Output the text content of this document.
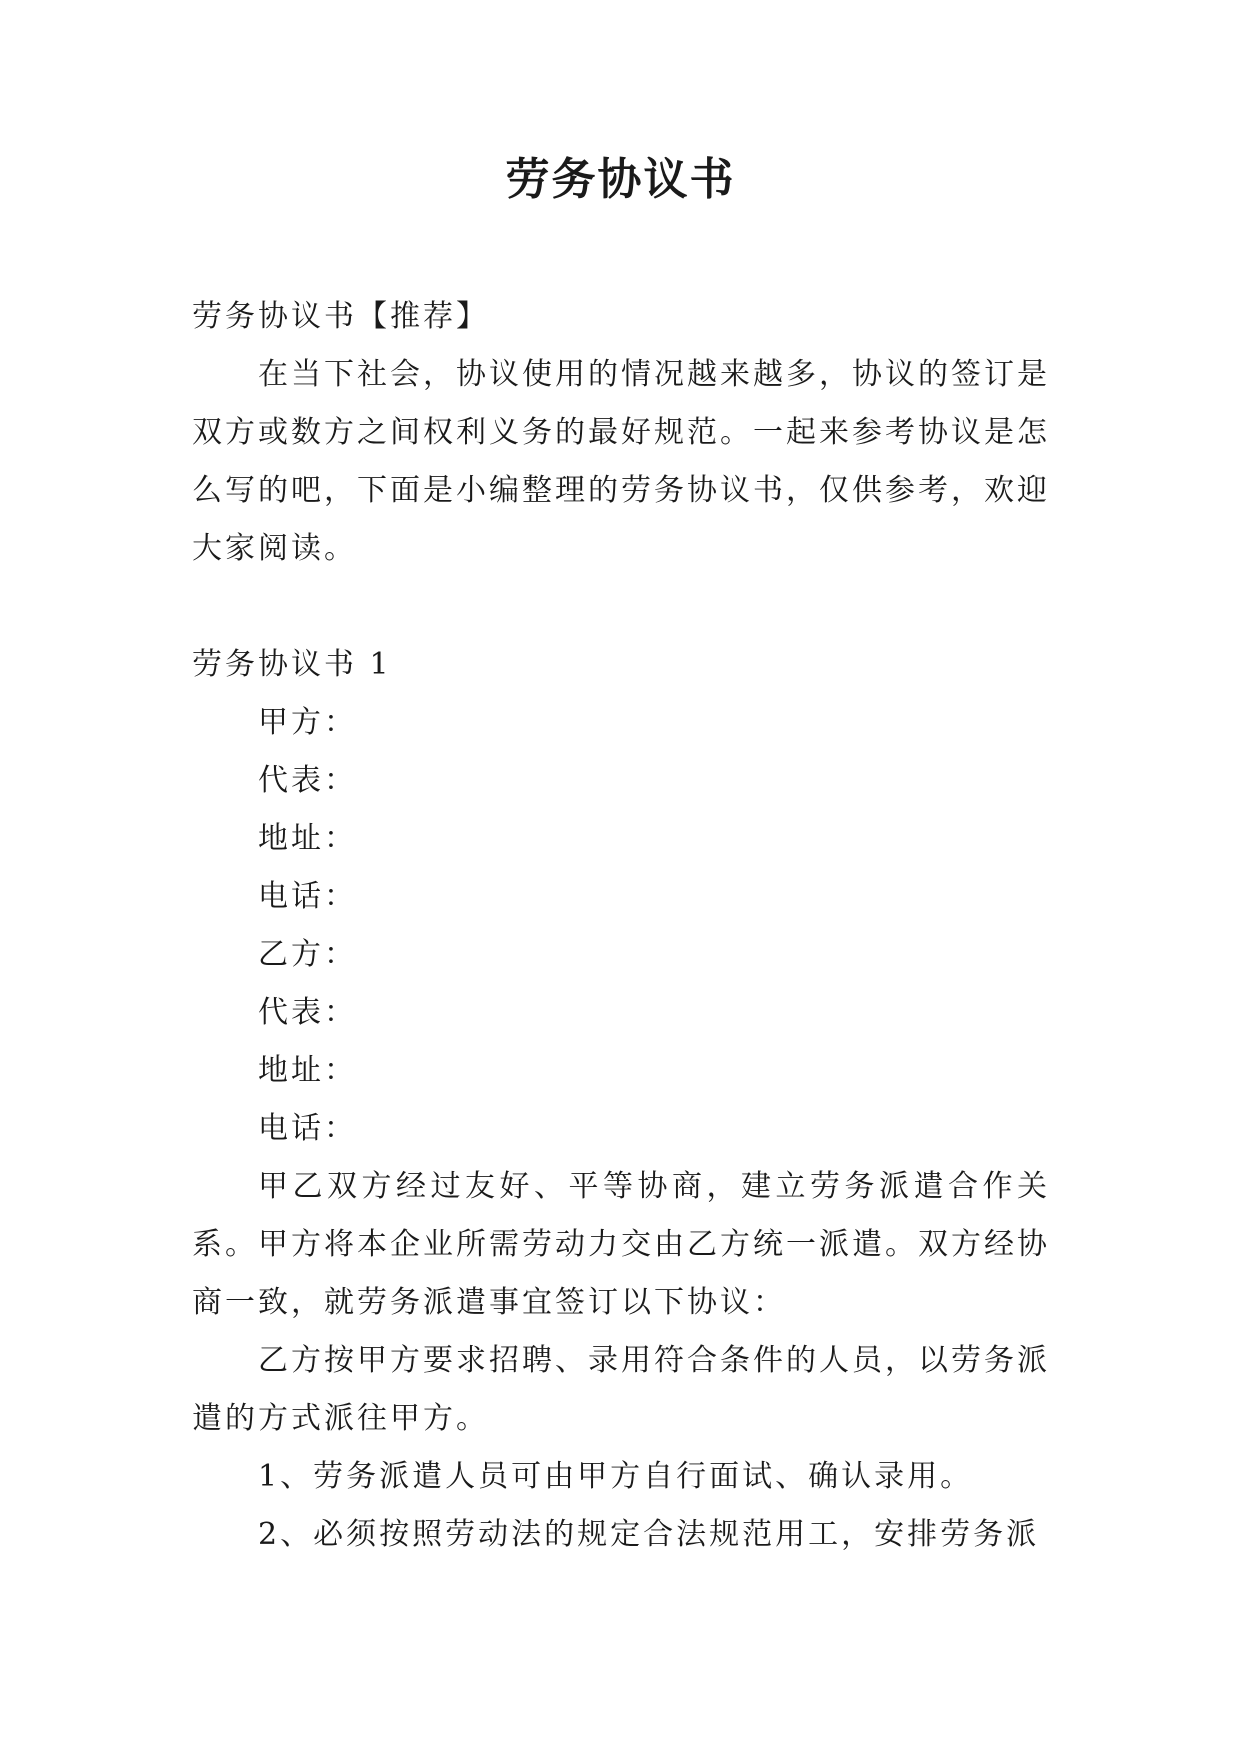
劳务协议书

劳务协议书【推荐】

在当下社会，协议使用的情况越来越多，协议的签订是双方或数方之间权利义务的最好规范。一起来参考协议是怎么写的吧，下面是小编整理的劳务协议书，仅供参考，欢迎大家阅读。

劳务协议书 1

甲方：

代表：

地址：

电话：

乙方：

代表：

地址：

电话：

甲乙双方经过友好、平等协商，建立劳务派遣合作关系。甲方将本企业所需劳动力交由乙方统一派遣。双方经协商一致，就劳务派遣事宜签订以下协议：

乙方按甲方要求招聘、录用符合条件的人员，以劳务派遣的方式派往甲方。

1、劳务派遣人员可由甲方自行面试、确认录用。

2、必须按照劳动法的规定合法规范用工，安排劳务派
